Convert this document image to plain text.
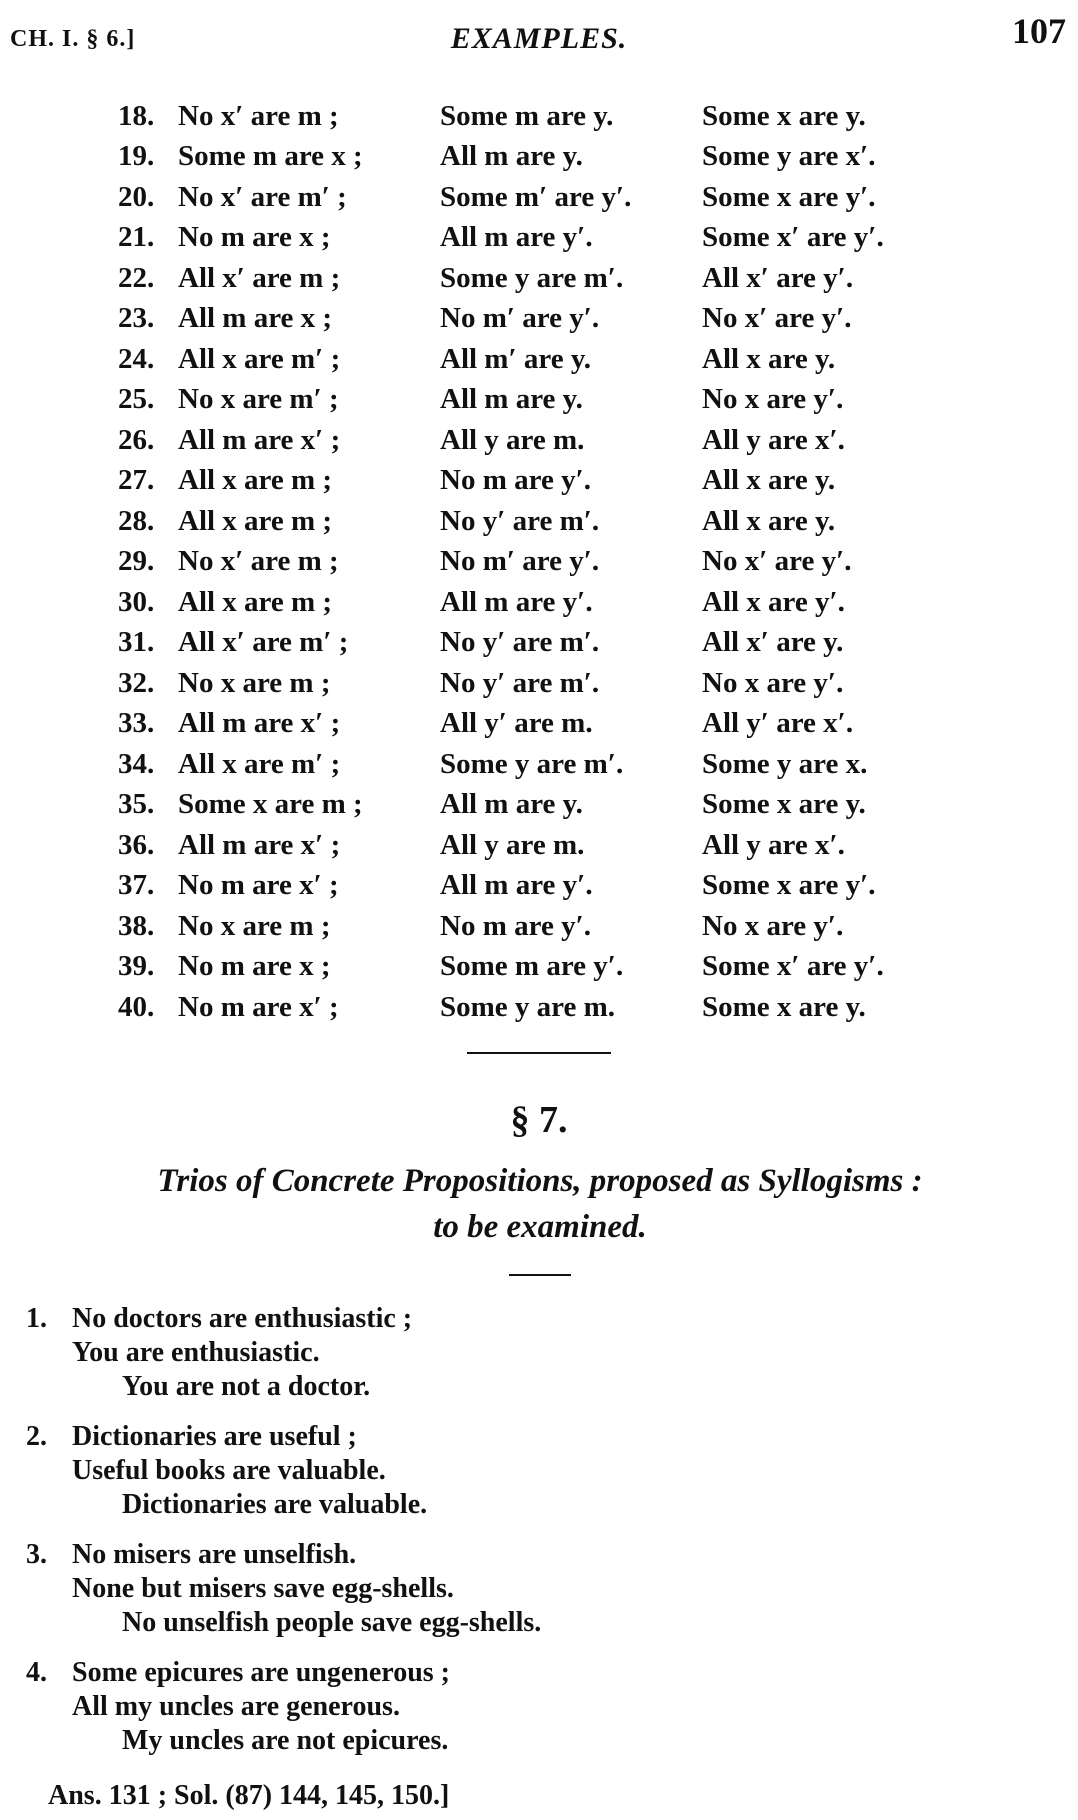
CH. I. § 6.]	EXAMPLES.	107
18. No x′ are m ;	Some m are y.	Some x are y.
19. Some m are x ;	All m are y.	Some y are x′.
20. No x′ are m′ ;	Some m′ are y′.	Some x are y′.
21. No m are x ;	All m are y′.	Some x′ are y′.
22. All x′ are m ;	Some y are m′.	All x′ are y′.
23. All m are x ;	No m′ are y′.	No x′ are y′.
24. All x are m′ ;	All m′ are y.	All x are y.
25. No x are m′ ;	All m are y.	No x are y′.
26. All m are x′ ;	All y are m.	All y are x′.
27. All x are m ;	No m are y′.	All x are y.
28. All x are m ;	No y′ are m′.	All x are y.
29. No x′ are m ;	No m′ are y′.	No x′ are y′.
30. All x are m ;	All m are y′.	All x are y′.
31. All x′ are m′ ;	No y′ are m′.	All x′ are y.
32. No x are m ;	No y′ are m′.	No x are y′.
33. All m are x′ ;	All y′ are m.	All y′ are x′.
34. All x are m′ ;	Some y are m′.	Some y are x.
35. Some x are m ;	All m are y.	Some x are y.
36. All m are x′ ;	All y are m.	All y are x′.
37. No m are x′ ;	All m are y′.	Some x are y′.
38. No x are m ;	No m are y′.	No x are y′.
39. No m are x ;	Some m are y′.	Some x′ are y′.
40. No m are x′ ;	Some y are m.	Some x are y.
§ 7.
Trios of Concrete Propositions, proposed as Syllogisms :
to be examined.
1. No doctors are enthusiastic ;
You are enthusiastic.
You are not a doctor.
2. Dictionaries are useful ;
Useful books are valuable.
Dictionaries are valuable.
3. No misers are unselfish.
None but misers save egg-shells.
No unselfish people save egg-shells.
4. Some epicures are ungenerous ;
All my uncles are generous.
My uncles are not epicures.
Ans. 131 ; Sol. (87) 144, 145, 150.]
